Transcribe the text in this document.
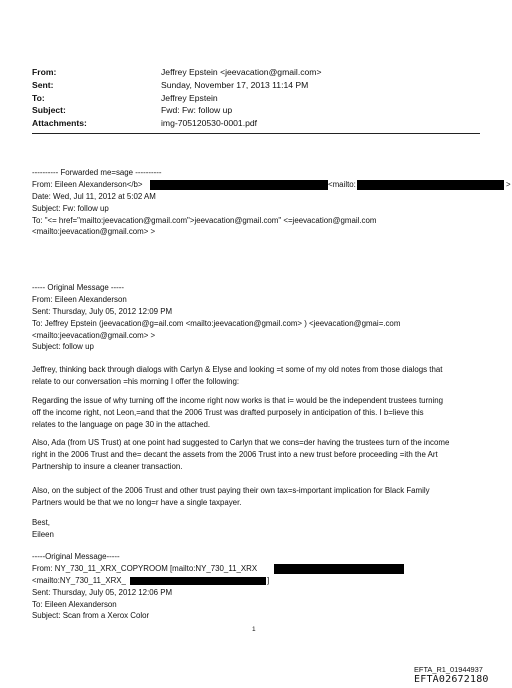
From:	Jeffrey Epstein <jeevacation@gmail.com>
Sent:	Sunday, November 17, 2013 11:14 PM
To:	Jeffrey Epstein
Subject:	Fwd: Fw: follow up
Attachments:	img-705120530-0001.pdf
---------- Forwarded me=sage ----------
From: Eileen Alexanderson</b>	<mailto:	>
Date: Wed, Jul 11, 2012 at 5:02 AM
Subject: Fw: follow up
To: "<= href="mailto:jeevacation@gmail.com">jeevacation@gmail.com" <=jeevacation@gmail.com
<mailto:jeevacation@gmail.com> >
----- Original Message -----
From: Eileen Alexanderson
Sent: Thursday, July 05, 2012 12:09 PM
To: Jeffrey Epstein (jeevacation@g=ail.com <mailto:jeevacation@gmail.com> ) <jeevacation@gmai=.com
<mailto:jeevacation@gmail.com> >
Subject: follow up
Jeffrey, thinking back through dialogs with Carlyn & Elyse and looking =t some of my old notes from those dialogs that
relate to our conversation =his morning I offer the following:
Regarding the issue of why turning off the income right now works is that i= would be the independent trustees turning
off the income right, not Leon,=and that the 2006 Trust was drafted purposely in anticipation of this. I b=lieve this
relates to the language on page 30 in the attached.
Also, Ada (from US Trust) at one point had suggested to Carlyn that we cons=der having the trustees turn of the income
right in the 2006 Trust and the= decant the assets from the 2006 Trust into a new trust before proceeding =ith the Art
Partnership to insure a cleaner transaction.
Also, on the subject of the 2006 Trust and other trust paying their own tax=s-important implication for Black Family
Partners would be that we no long=r have a single taxpayer.
Best,
Eileen
-----Original Message-----
From: NY_730_11_XRX_COPYROOM [mailto:NY_730_11_XRX
<mailto:NY_730_11_XRX_	]
Sent: Thursday, July 05, 2012 12:06 PM
To: Eileen Alexanderson
Subject: Scan from a Xerox Color
1
EFTA_R1_01944937
EFTA02672180
